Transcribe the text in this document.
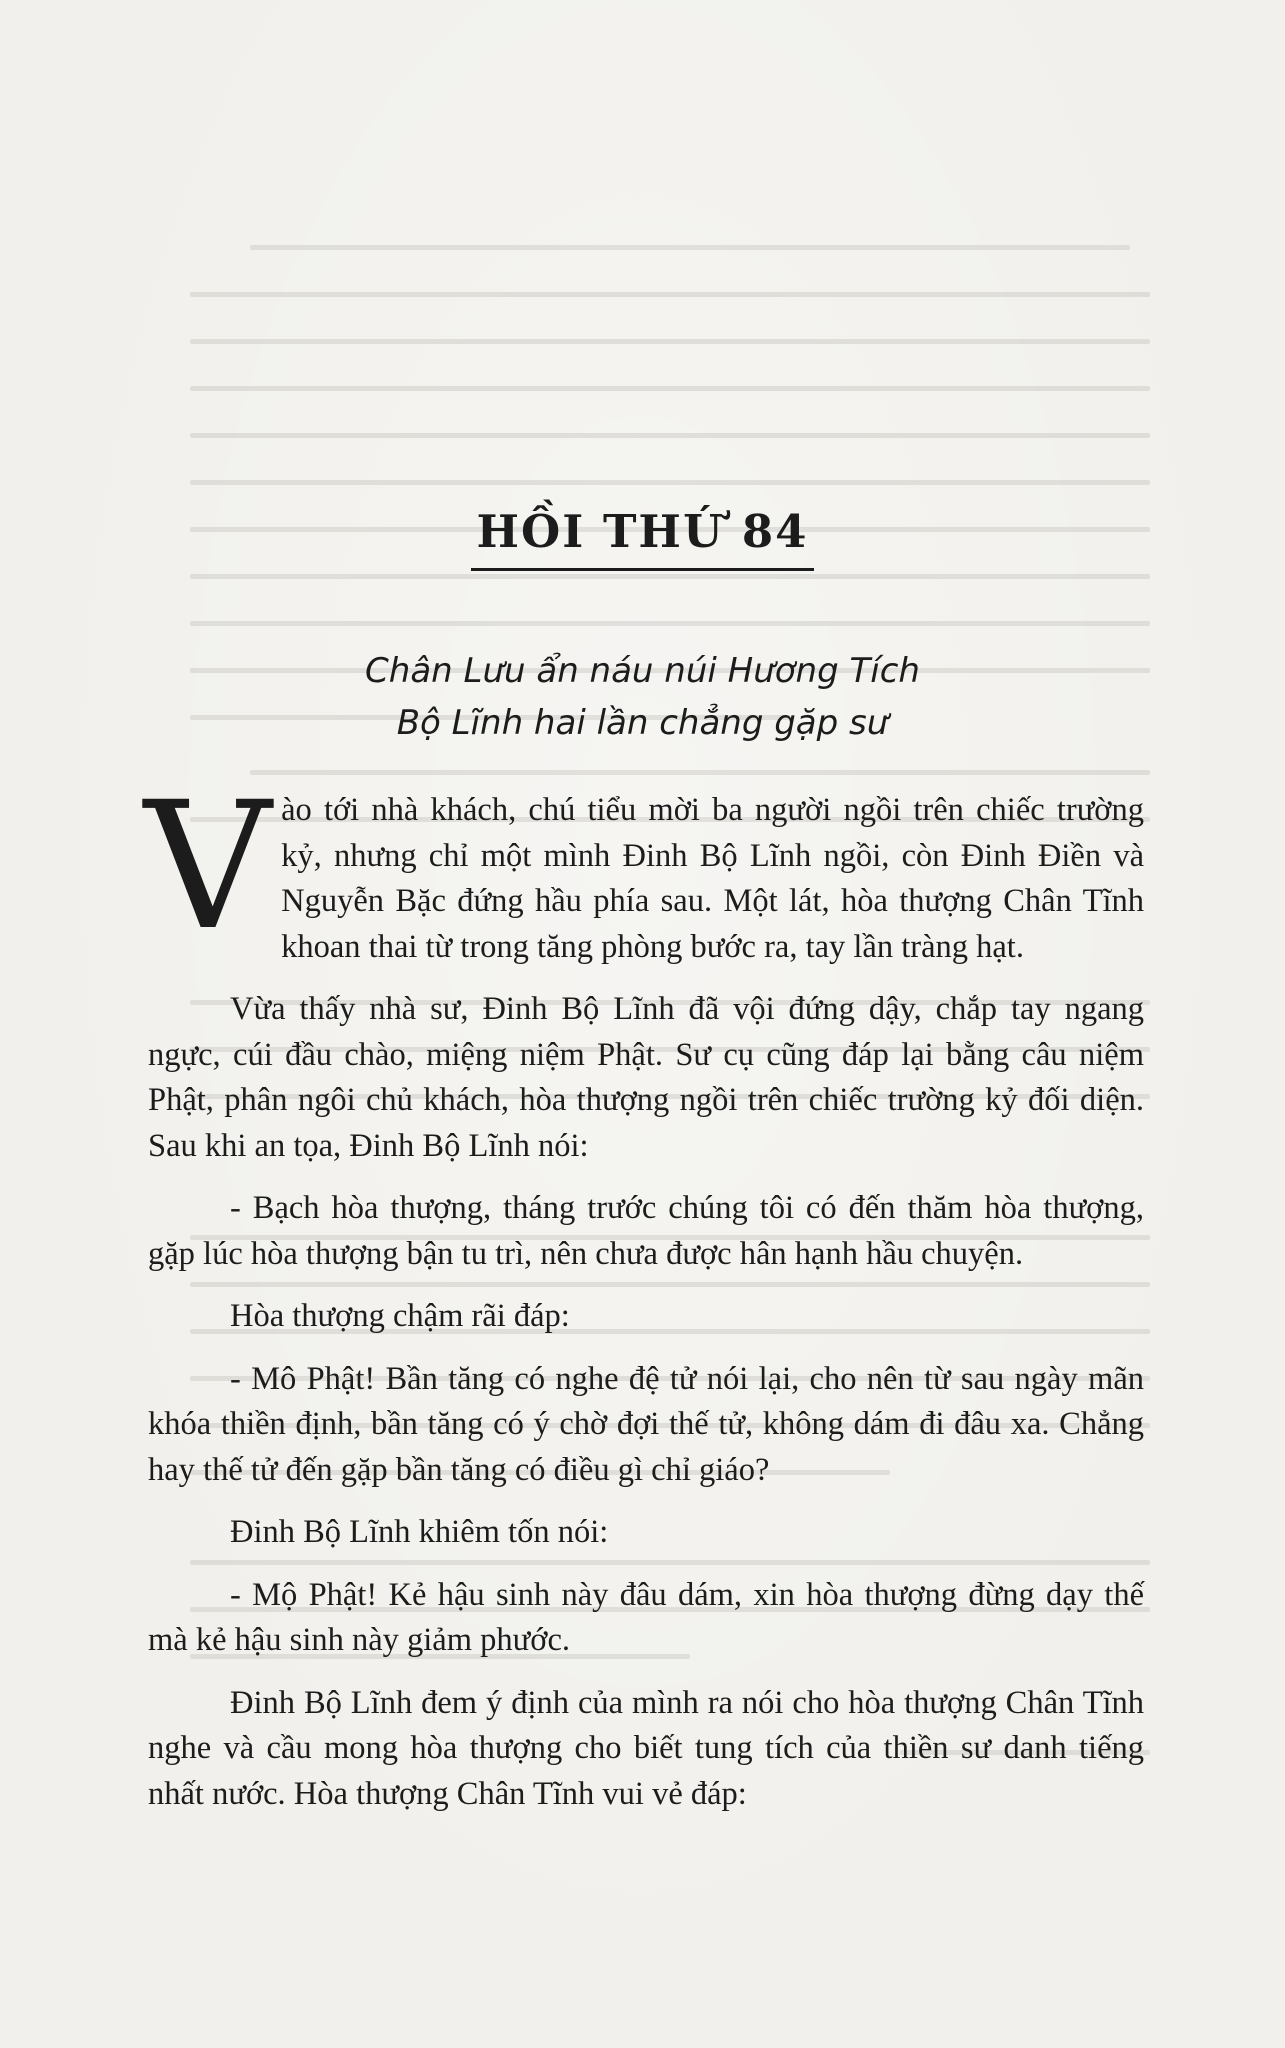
HỒI THỨ 84
Chân Lưu ẩn náu núi Hương Tích
Bộ Lĩnh hai lần chẳng gặp sư

Vào tới nhà khách, chú tiểu mời ba người ngồi trên chiếc trường kỷ, nhưng chỉ một mình Đinh Bộ Lĩnh ngồi, còn Đinh Điền và Nguyễn Bặc đứng hầu phía sau. Một lát, hòa thượng Chân Tĩnh khoan thai từ trong tăng phòng bước ra, tay lần tràng hạt.

Vừa thấy nhà sư, Đinh Bộ Lĩnh đã vội đứng dậy, chắp tay ngang ngực, cúi đầu chào, miệng niệm Phật. Sư cụ cũng đáp lại bằng câu niệm Phật, phân ngôi chủ khách, hòa thượng ngồi trên chiếc trường kỷ đối diện. Sau khi an tọa, Đinh Bộ Lĩnh nói:

- Bạch hòa thượng, tháng trước chúng tôi có đến thăm hòa thượng, gặp lúc hòa thượng bận tu trì, nên chưa được hân hạnh hầu chuyện.

Hòa thượng chậm rãi đáp:

- Mô Phật! Bần tăng có nghe đệ tử nói lại, cho nên từ sau ngày mãn khóa thiền định, bần tăng có ý chờ đợi thế tử, không dám đi đâu xa. Chẳng hay thế tử đến gặp bần tăng có điều gì chỉ giáo?

Đinh Bộ Lĩnh khiêm tốn nói:

- Mộ Phật! Kẻ hậu sinh này đâu dám, xin hòa thượng đừng dạy thế mà kẻ hậu sinh này giảm phước.

Đinh Bộ Lĩnh đem ý định của mình ra nói cho hòa thượng Chân Tĩnh nghe và cầu mong hòa thượng cho biết tung tích của thiền sư danh tiếng nhất nước. Hòa thượng Chân Tĩnh vui vẻ đáp:
